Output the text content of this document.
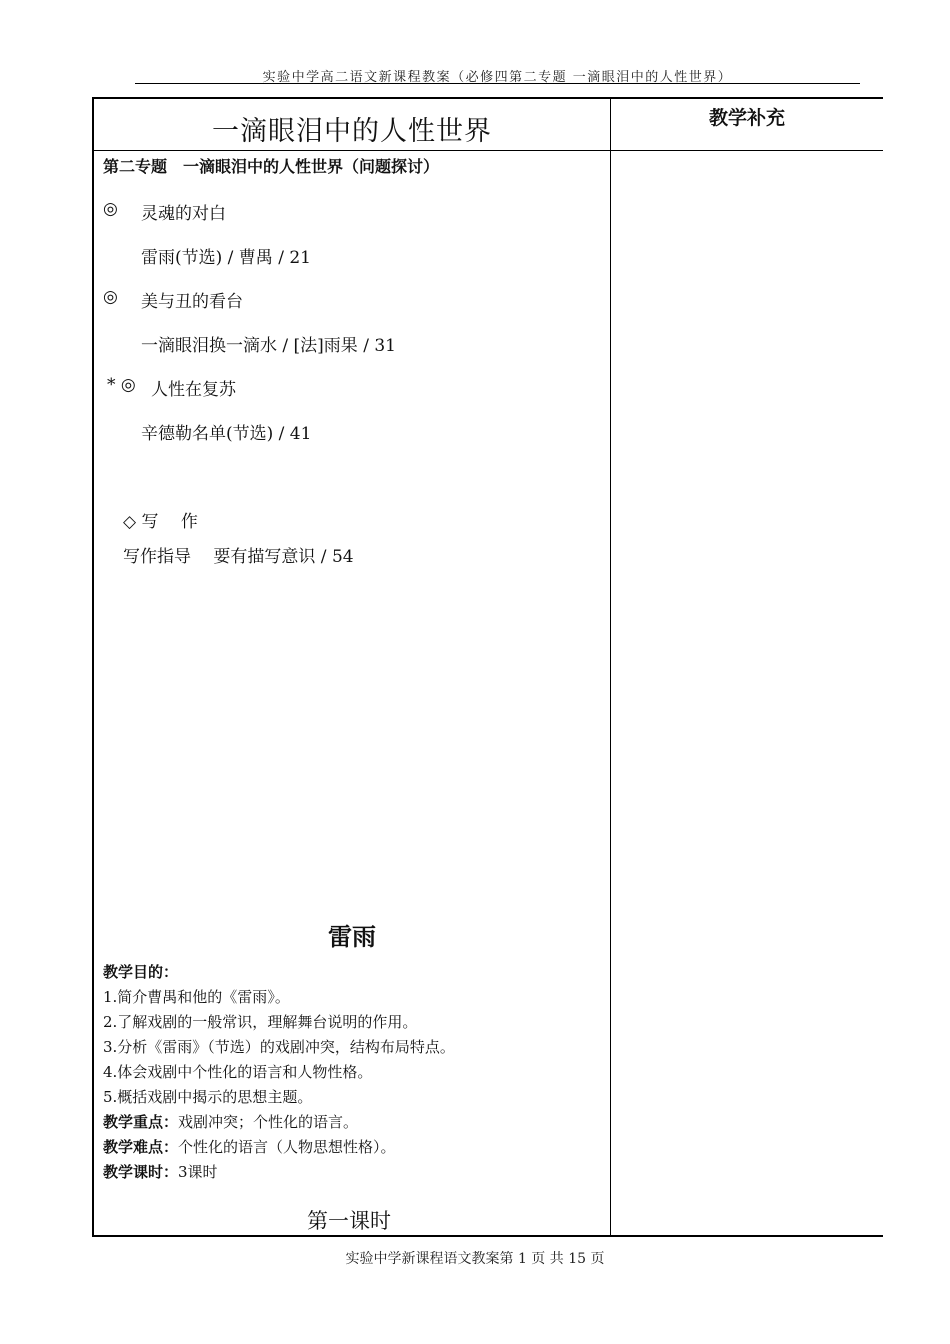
实验中学高二语文新课程教案（必修四第二专题 一滴眼泪中的人性世界）
一滴眼泪中的人性世界	教学补充
第二专题　一滴眼泪中的人性世界（问题探讨）
◎ 灵魂的对白
雷雨(节选) / 曹禺 / 21
◎ 美与丑的看台
一滴眼泪换一滴水 / [法]雨果 / 31
* ◎ 人性在复苏
辛德勒名单(节选) / 41
◇ 写　 作
写作指导　 要有描写意识 / 54
雷雨
教学目的：
1.简介曹禺和他的《雷雨》。
2.了解戏剧的一般常识，理解舞台说明的作用。
3.分析《雷雨》（节选）的戏剧冲突，结构布局特点。
4.体会戏剧中个性化的语言和人物性格。
5.概括戏剧中揭示的思想主题。
教学重点：戏剧冲突；个性化的语言。
教学难点：个性化的语言（人物思想性格）。
教学课时：3课时
第一课时
实验中学新课程语文教案第 1 页 共 15 页
